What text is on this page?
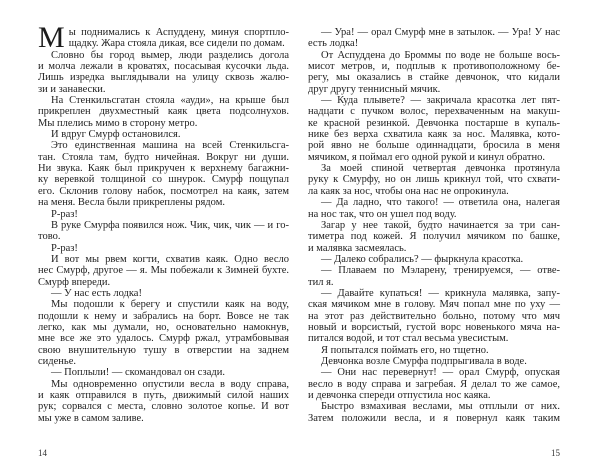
М ы поднимались к Аспуддену, минуя спортпло-
щадку. Жара стояла дикая, все сидели по домам.
Словно бы город вымер, люди разделись догола
и молча лежали в кроватях, посасывая кусочки льда.
Лишь изредка выглядывали на улицу сквозь жалю-
зи и занавески.
На Стенкильсгатан стояла «ауди», на крыше был
прикреплен двухместный каяк цвета подсолнухов.
Мы плелись мимо в сторону метро.
И вдруг Смурф остановился.
Это единственная машина на всей Стенкильсга-
тан. Стояла там, будто ничейная. Вокруг ни души.
Ни звука. Каяк был прикручен к верхнему багажни-
ку веревкой толщиной со шнурок. Смурф пощупал
его. Склонив голову набок, посмотрел на каяк, затем
на меня. Весла были прикреплены рядом.
Р-раз!
В руке Смурфа появился нож. Чик, чик, чик — и го-
тово.
Р-раз!
И вот мы рвем когти, схватив каяк. Одно весло
нес Смурф, другое — я. Мы побежали к Зимней бухте.
Смурф впереди.
— У нас есть лодка!
Мы подошли к берегу и спустили каяк на воду,
подошли к нему и забрались на борт. Вовсе не так
легко, как мы думали, но, основательно намокнув,
мне все же это удалось. Смурф ржал, утрамбовывая
свою внушительную тушу в отверстии на заднем
сиденье.
— Поплыли! — скомандовал он сзади.
Мы одновременно опустили весла в воду справа,
и каяк отправился в путь, движимый силой наших
рук; сорвался с места, словно золотое копье. И вот
мы уже в самом заливе.
— Ура! — орал Смурф мне в затылок. — Ура! У нас
есть лодка!
От Аспуддена до Броммы по воде не больше вось-
мисот метров, и, подплыв к противоположному бе-
регу, мы оказались в стайке девчонок, что кидали
друг другу теннисный мячик.
— Куда плывете? — закричала красотка лет пят-
надцати с пучком волос, перехваченным на макуш-
ке красной резинкой. Девчонка постарше в купаль-
нике без верха схватила каяк за нос. Малявка, кото-
рой явно не больше одиннадцати, бросила в меня
мячиком, я поймал его одной рукой и кинул обратно.
За моей спиной четвертая девчонка протянула
руку к Смурфу, но он лишь крикнул той, что схвати-
ла каяк за нос, чтобы она нас не опрокинула.
— Да ладно, что такого! — ответила она, налегая
на нос так, что он ушел под воду.
Загар у нее такой, будто начинается за три сан-
тиметра под кожей. Я получил мячиком по башке,
и малявка засмеялась.
— Далеко собрались? — фыркнула красотка.
— Плаваем по Мэларену, тренируемся, — отве-
тил я.
— Давайте купаться! — крикнула малявка, запу-
ская мячиком мне в голову. Мяч попал мне по уху —
на этот раз действительно больно, потому что мяч
новый и ворсистый, густой ворс новенького мяча на-
питался водой, и тот стал весьма увесистым.
Я попытался поймать его, но тщетно.
Девчонка возле Смурфа подпрыгивала в воде.
— Они нас перевернут! — орал Смурф, опуская
весло в воду справа и загребая. Я делал то же самое,
и девчонка спереди отпустила нос каяка.
Быстро взмахивая веслами, мы отплыли от них.
Затем положили весла, и я повернул каяк таким
14	15
